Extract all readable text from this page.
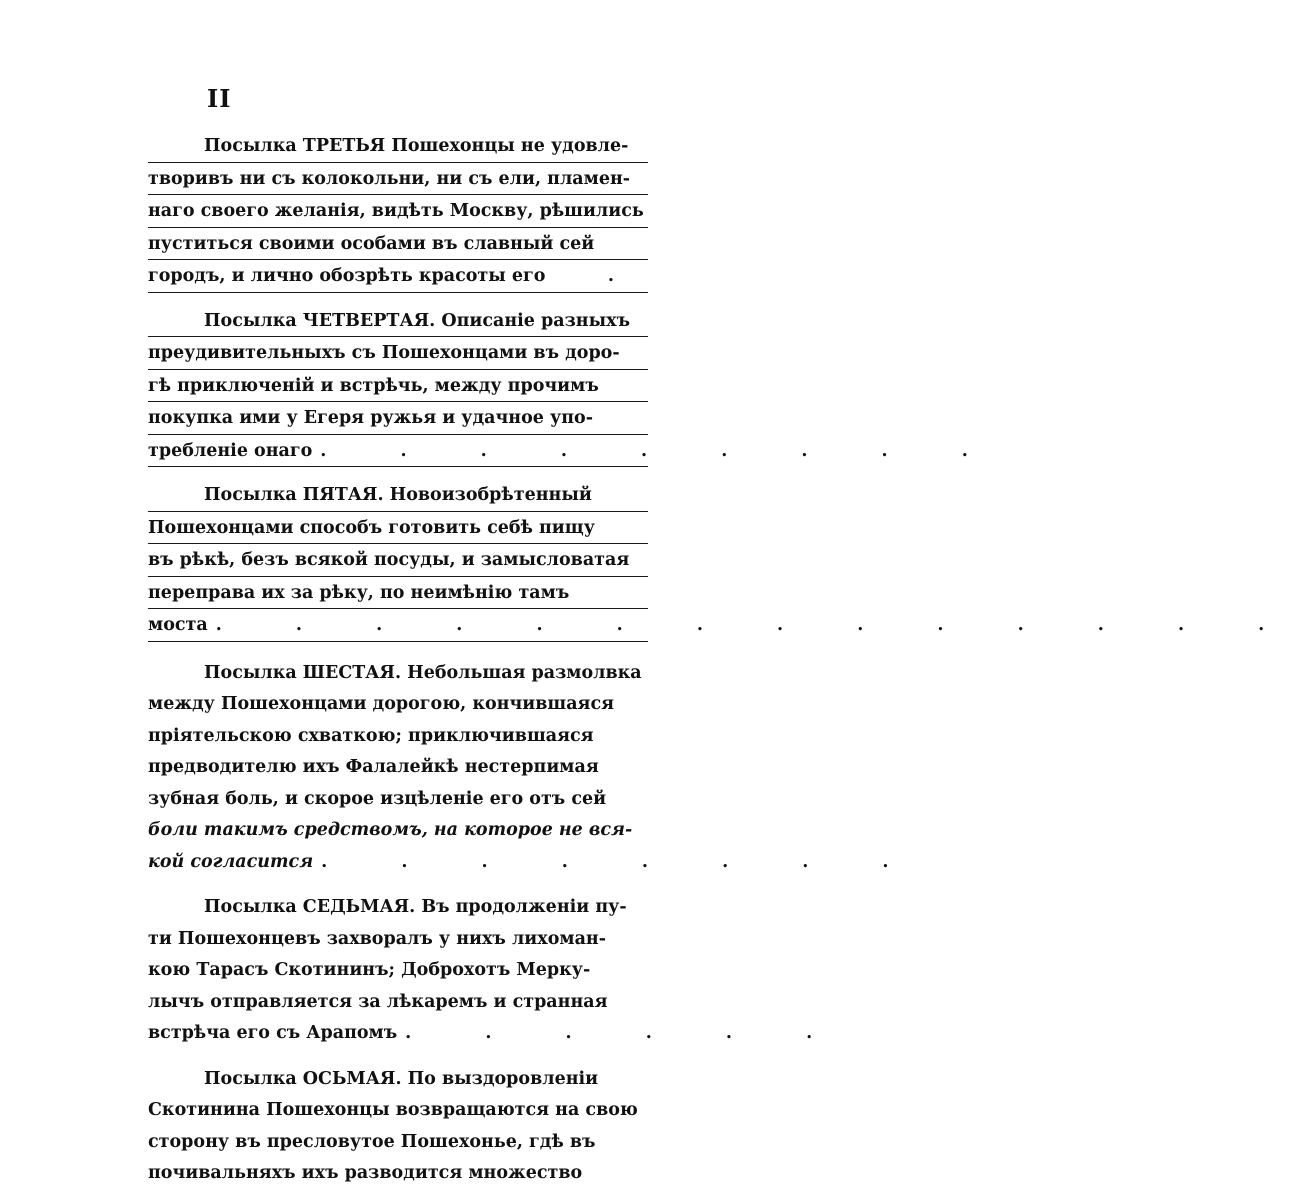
II
Посылка ТРЕТЬЯ Пошехонцы не удовле-
творивъ ни съ колокольни, ни съ ели, пламен-
наго своего желанія, видѣть Москву, рѣшились
пуститься своими особами въ славный сей
городъ, и лично обозрѣть красоты его	.
Посылка ЧЕТВЕРТАЯ. Описаніе разныхъ
преудивительныхъ съ Пошехонцами въ доро-
гѣ приключеній и встрѣчь, между прочимъ
покупка ими у Егеря ружья и удачное упо-
требленіе онаго . . . . . . . . .
Посылка ПЯТАЯ. Новоизобрѣтенный
Пошехонцами способъ готовить себѣ пищу
въ рѣкѣ, безъ всякой посуды, и замысловатая
переправа их за рѣку, по неимѣнію тамъ
моста . . . . . . . . . . . . . .
Посылка ШЕСТАЯ. Небольшая размолвка
между Пошехонцами дорогою, кончившаяся
пріятельскою схваткою; приключившаяся
предводителю ихъ Фалалейкѣ нестерпимая
зубная боль, и скорое изцѣленіе его отъ сей
боли такимъ средствомъ, на которое не вся-
кой согласится . . . . . . . .
Посылка СЕДЬМАЯ. Въ продолженіи пу-
ти Пошехонцевъ захворалъ у нихъ лихоман-
кою Тарасъ Скотининъ; Доброхотъ Мерку-
лычъ отправляется за лѣкаремъ и странная
встрѣча его съ Арапомъ . . . . . .
Посылка ОСЬМАЯ. По выздоровленіи
Скотинина Пошехонцы возвращаются на свою
сторону въ пресловутое Пошехонье, гдѣ въ
почивальняхъ ихъ разводится множество
